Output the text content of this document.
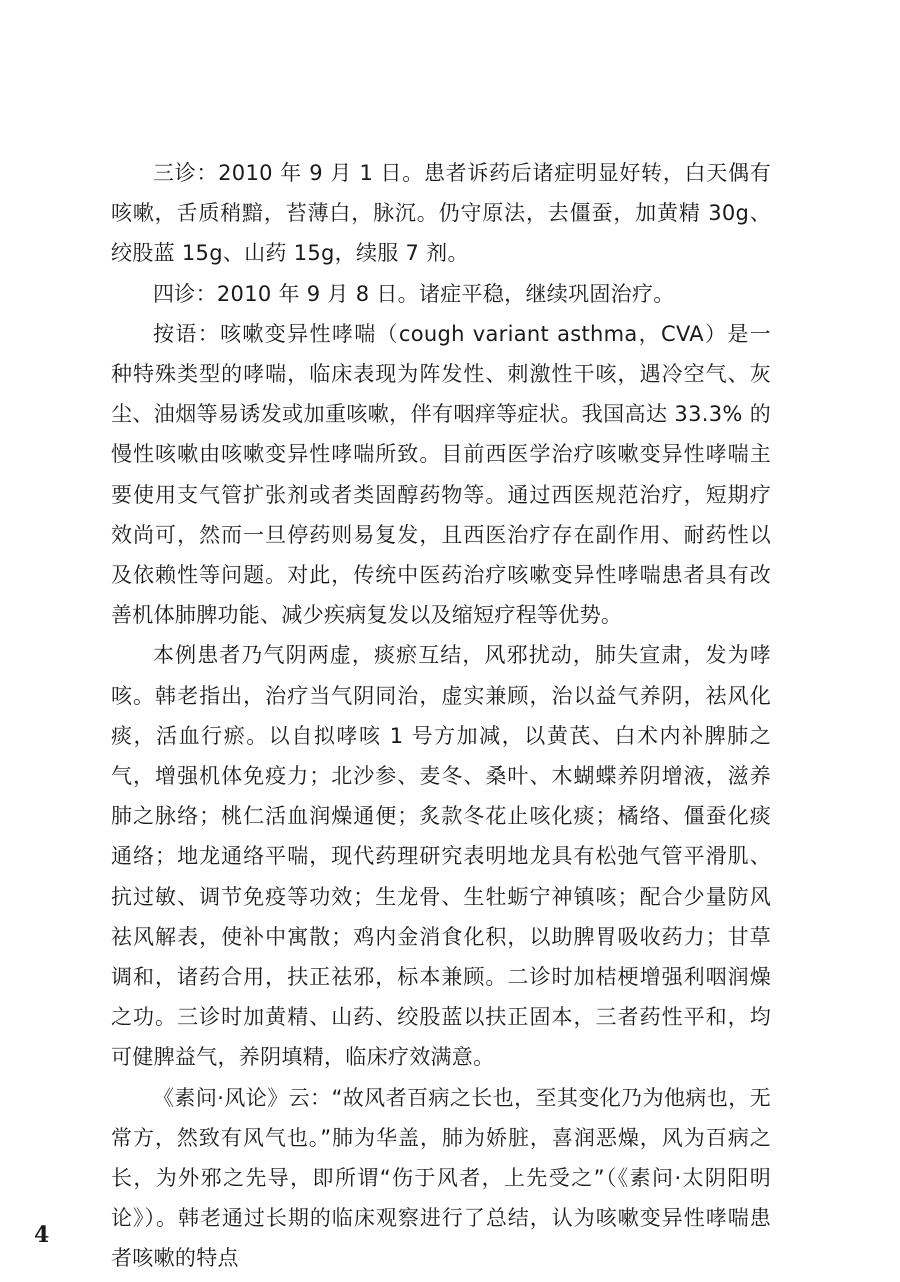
三诊：2010 年 9 月 1 日。患者诉药后诸症明显好转，白天偶有咳嗽，舌质稍黯，苔薄白，脉沉。仍守原法，去僵蚕，加黄精 30g、绞股蓝 15g、山药 15g，续服 7 剂。

四诊：2010 年 9 月 8 日。诸症平稳，继续巩固治疗。

按语：咳嗽变异性哮喘（cough variant asthma，CVA）是一种特殊类型的哮喘，临床表现为阵发性、刺激性干咳，遇冷空气、灰尘、油烟等易诱发或加重咳嗽，伴有咽痒等症状。我国高达 33.3% 的慢性咳嗽由咳嗽变异性哮喘所致。目前西医学治疗咳嗽变异性哮喘主要使用支气管扩张剂或者类固醇药物等。通过西医规范治疗，短期疗效尚可，然而一旦停药则易复发，且西医治疗存在副作用、耐药性以及依赖性等问题。对此，传统中医药治疗咳嗽变异性哮喘患者具有改善机体肺脾功能、减少疾病复发以及缩短疗程等优势。

本例患者乃气阴两虚，痰瘀互结，风邪扰动，肺失宣肃，发为哮咳。韩老指出，治疗当气阴同治，虚实兼顾，治以益气养阴，祛风化痰，活血行瘀。以自拟哮咳 1 号方加减，以黄芪、白术内补脾肺之气，增强机体免疫力；北沙参、麦冬、桑叶、木蝴蝶养阴增液，滋养肺之脉络；桃仁活血润燥通便；炙款冬花止咳化痰；橘络、僵蚕化痰通络；地龙通络平喘，现代药理研究表明地龙具有松弛气管平滑肌、抗过敏、调节免疫等功效；生龙骨、生牡蛎宁神镇咳；配合少量防风祛风解表，使补中寓散；鸡内金消食化积，以助脾胃吸收药力；甘草调和，诸药合用，扶正祛邪，标本兼顾。二诊时加桔梗增强利咽润燥之功。三诊时加黄精、山药、绞股蓝以扶正固本，三者药性平和，均可健脾益气，养阴填精，临床疗效满意。

《素问·风论》云：“故风者百病之长也，至其变化乃为他病也，无常方，然致有风气也。”肺为华盖，肺为娇脏，喜润恶燥，风为百病之长，为外邪之先导，即所谓“伤于风者，上先受之”（《素问·太阴阳明论》）。韩老通过长期的临床观察进行了总结，认为咳嗽变异性哮喘患者咳嗽的特点

4
